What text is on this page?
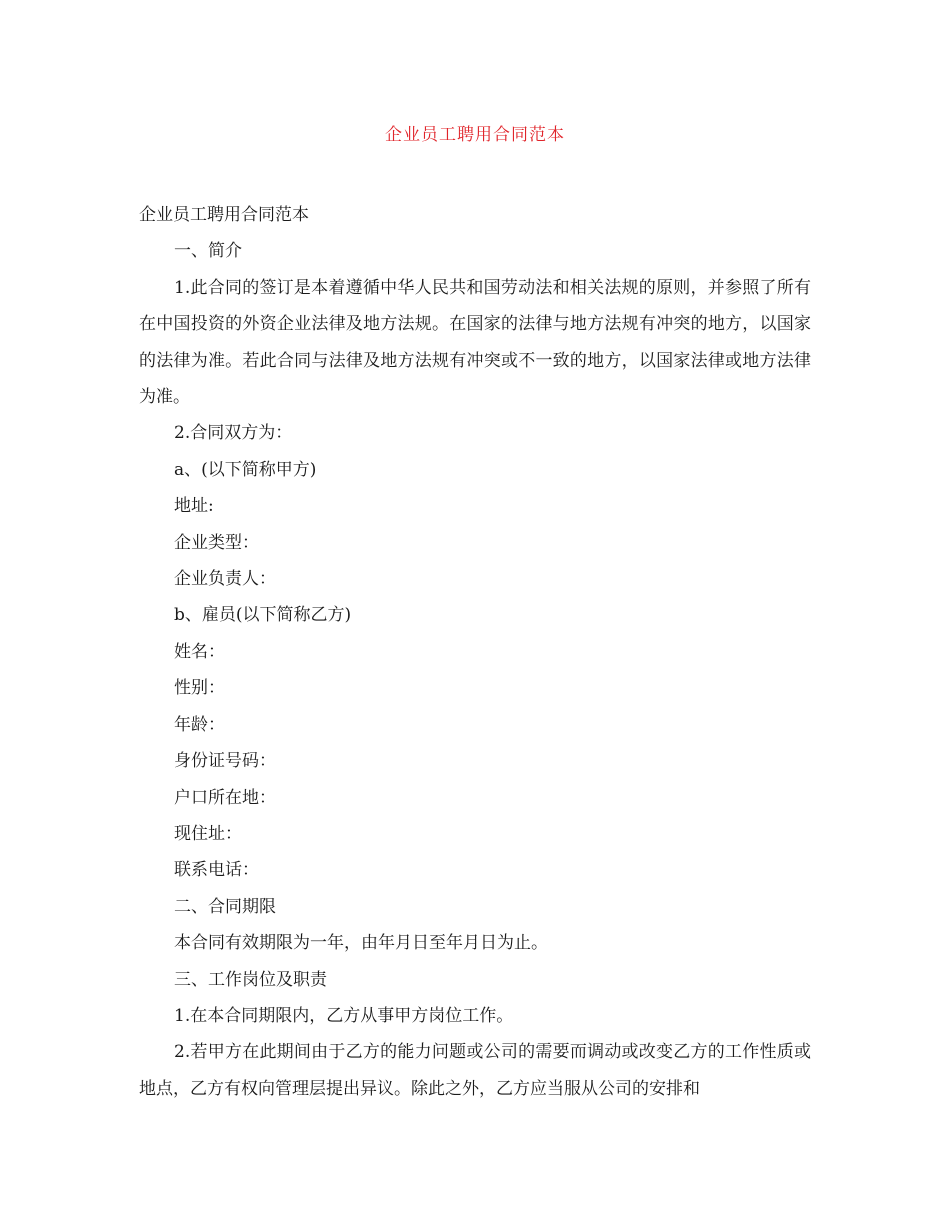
企业员工聘用合同范本

企业员工聘用合同范本

一、简介

1.此合同的签订是本着遵循中华人民共和国劳动法和相关法规的原则，并参照了所有在中国投资的外资企业法律及地方法规。在国家的法律与地方法规有冲突的地方，以国家的法律为准。若此合同与法律及地方法规有冲突或不一致的地方，以国家法律或地方法律为准。

2.合同双方为：

a、(以下简称甲方)

地址:

企业类型：

企业负责人：

b、雇员(以下简称乙方)

姓名：

性别：

年龄：

身份证号码：

户口所在地：

现住址：

联系电话：

二、合同期限

本合同有效期限为一年，由年月日至年月日为止。

三、工作岗位及职责

1.在本合同期限内，乙方从事甲方岗位工作。

2.若甲方在此期间由于乙方的能力问题或公司的需要而调动或改变乙方的工作性质或地点，乙方有权向管理层提出异议。除此之外，乙方应当服从公司的安排和
